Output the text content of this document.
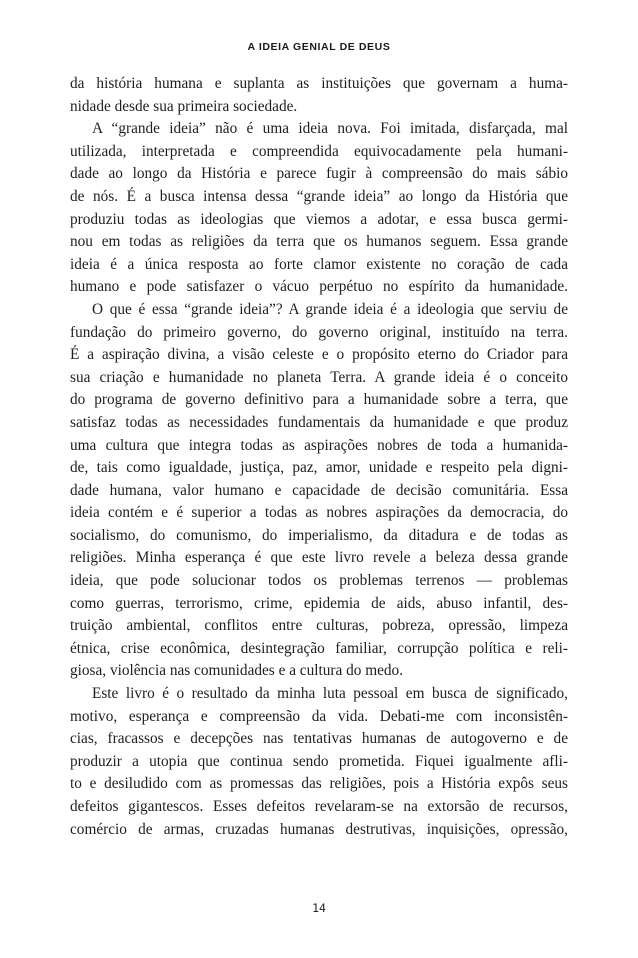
A IDEIA GENIAL DE DEUS
da história humana e suplanta as instituições que governam a huma-
nidade desde sua primeira sociedade.
A “grande ideia” não é uma ideia nova. Foi imitada, disfarçada, mal
utilizada, interpretada e compreendida equivocadamente pela humani-
dade ao longo da História e parece fugir à compreensão do mais sábio
de nós. É a busca intensa dessa “grande ideia” ao longo da História que
produziu todas as ideologias que viemos a adotar, e essa busca germi-
nou em todas as religiões da terra que os humanos seguem. Essa grande
ideia é a única resposta ao forte clamor existente no coração de cada
humano e pode satisfazer o vácuo perpétuo no espírito da humanidade.
O que é essa “grande ideia”? A grande ideia é a ideologia que serviu de
fundação do primeiro governo, do governo original, instituído na terra.
É a aspiração divina, a visão celeste e o propósito eterno do Criador para
sua criação e humanidade no planeta Terra. A grande ideia é o conceito
do programa de governo definitivo para a humanidade sobre a terra, que
satisfaz todas as necessidades fundamentais da humanidade e que produz
uma cultura que integra todas as aspirações nobres de toda a humanida-
de, tais como igualdade, justiça, paz, amor, unidade e respeito pela digni-
dade humana, valor humano e capacidade de decisão comunitária. Essa
ideia contém e é superior a todas as nobres aspirações da democracia, do
socialismo, do comunismo, do imperialismo, da ditadura e de todas as
religiões. Minha esperança é que este livro revele a beleza dessa grande
ideia, que pode solucionar todos os problemas terrenos — problemas
como guerras, terrorismo, crime, epidemia de aids, abuso infantil, des-
truição ambiental, conflitos entre culturas, pobreza, opressão, limpeza
étnica, crise econômica, desintegração familiar, corrupção política e reli-
giosa, violência nas comunidades e a cultura do medo.
Este livro é o resultado da minha luta pessoal em busca de significado,
motivo, esperança e compreensão da vida. Debati-me com inconsistên-
cias, fracassos e decepções nas tentativas humanas de autogoverno e de
produzir a utopia que continua sendo prometida. Fiquei igualmente afli-
to e desiludido com as promessas das religiões, pois a História expôs seus
defeitos gigantescos. Esses defeitos revelaram-se na extorsão de recursos,
comércio de armas, cruzadas humanas destrutivas, inquisições, opressão,
14
